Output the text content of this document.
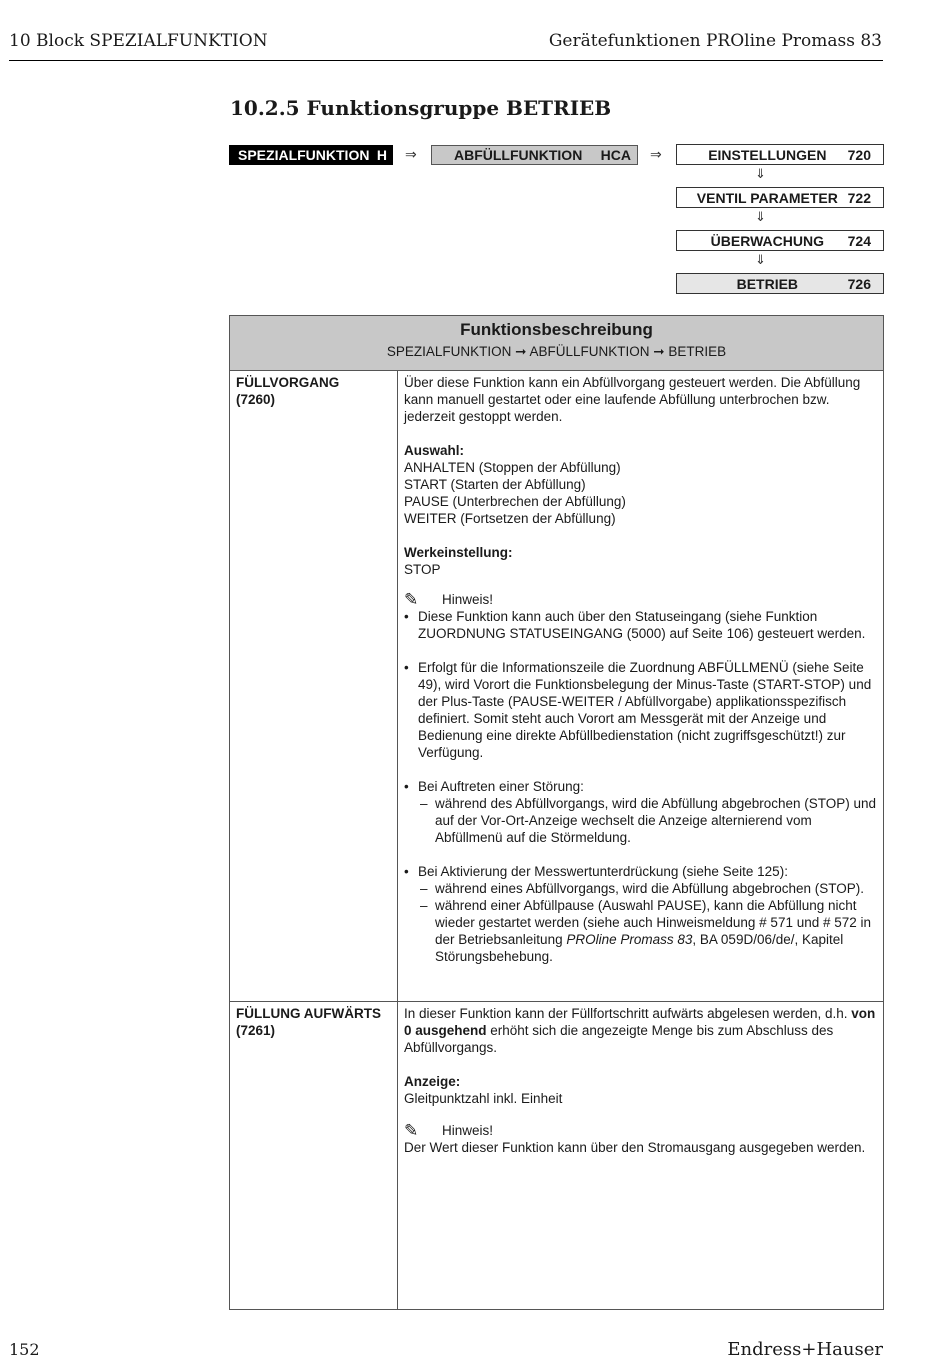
10 Block SPEZIALFUNKTION	Gerätefunktionen PROline Promass 83
10.2.5 Funktionsgruppe BETRIEB
SPEZIALFUNKTION H ⇒	ABFÜLLFUNKTION HCA ⇒	EINSTELLUNGEN	720
⇓
VENTIL PARAMETER 722
⇓
ÜBERWACHUNG	724
⇓
BETRIEB	726
Funktionsbeschreibung
SPEZIALFUNKTION ➞ ABFÜLLFUNKTION ➞ BETRIEB
FÜLLVORGANG
(7260)

Über diese Funktion kann ein Abfüllvorgang gesteuert werden. Die Abfüllung kann manuell gestartet oder eine laufende Abfüllung unterbrochen bzw. jederzeit gestoppt werden.

Auswahl:
ANHALTEN (Stoppen der Abfüllung)
START (Starten der Abfüllung)
PAUSE (Unterbrechen der Abfüllung)
WEITER (Fortsetzen der Abfüllung)
Werkeinstellung:
STOP
✎	Hinweis!
• Diese Funktion kann auch über den Statuseingang (siehe Funktion ZUORDNUNG STATUSEINGANG (5000) auf Seite 106) gesteuert werden.
• Erfolgt für die Informationszeile die Zuordnung ABFÜLLMENÜ (siehe Seite 49), wird Vorort die Funktionsbelegung der Minus-Taste (START-STOP) und der Plus-Taste (PAUSE-WEITER / Abfüllvorgabe) applikationsspezifisch definiert. Somit steht auch Vorort am Messgerät mit der Anzeige und Bedienung eine direkte Abfüllbedienstation (nicht zugriffsgeschützt!) zur Verfügung.
• Bei Auftreten einer Störung:
– während des Abfüllvorgangs, wird die Abfüllung abgebrochen (STOP) und auf der Vor-Ort-Anzeige wechselt die Anzeige alternierend vom Abfüllmenü auf die Störmeldung.
• Bei Aktivierung der Messwertunterdrückung (siehe Seite 125):
– während eines Abfüllvorgangs, wird die Abfüllung abgebrochen (STOP).
– während einer Abfüllpause (Auswahl PAUSE), kann die Abfüllung nicht wieder gestartet werden (siehe auch Hinweismeldung # 571 und # 572 in der Betriebsanleitung PROline Promass 83, BA 059D/06/de/, Kapitel Störungsbehebung.
FÜLLUNG AUFWÄRTS
(7261)

In dieser Funktion kann der Füllfortschritt aufwärts abgelesen werden, d.h. von 0 ausgehend erhöht sich die angezeigte Menge bis zum Abschluss des Abfüllvorgangs.

Anzeige:
Gleitpunktzahl inkl. Einheit
✎	Hinweis!
Der Wert dieser Funktion kann über den Stromausgang ausgegeben werden.
152	Endress+Hauser
